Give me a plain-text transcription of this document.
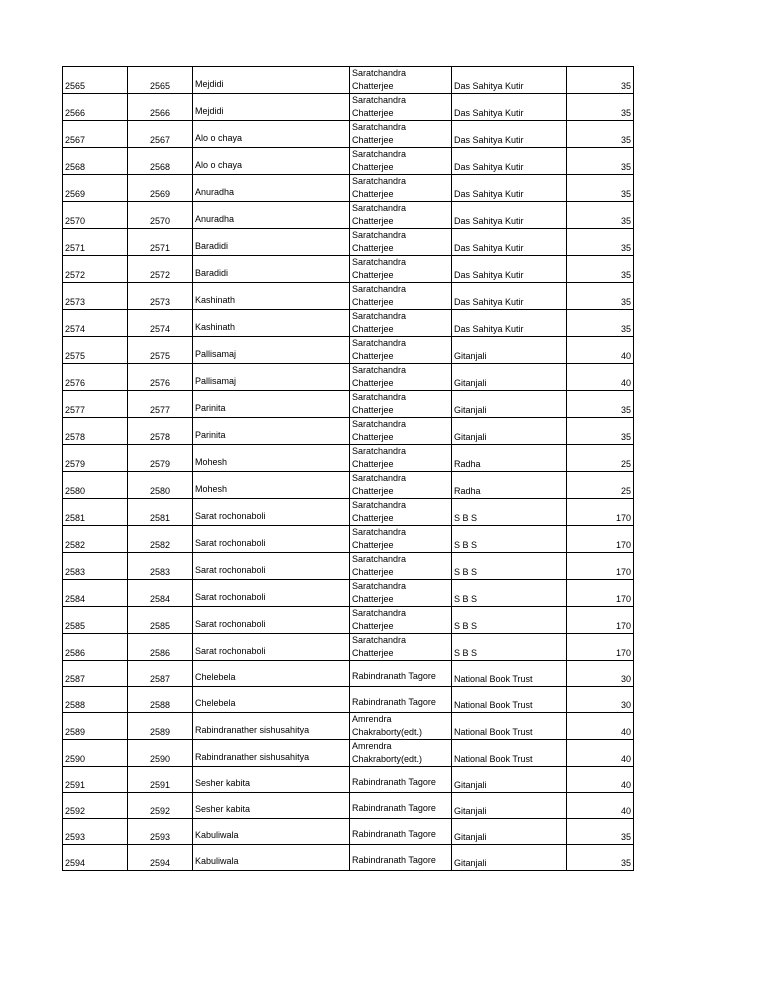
2565	2565	Mejdidi	Saratchandra Chatterjee	Das Sahitya Kutir	35
2566	2566	Mejdidi	Saratchandra Chatterjee	Das Sahitya Kutir	35
2567	2567	Alo o chaya	Saratchandra Chatterjee	Das Sahitya Kutir	35
2568	2568	Alo o chaya	Saratchandra Chatterjee	Das Sahitya Kutir	35
2569	2569	Anuradha	Saratchandra Chatterjee	Das Sahitya Kutir	35
2570	2570	Anuradha	Saratchandra Chatterjee	Das Sahitya Kutir	35
2571	2571	Baradidi	Saratchandra Chatterjee	Das Sahitya Kutir	35
2572	2572	Baradidi	Saratchandra Chatterjee	Das Sahitya Kutir	35
2573	2573	Kashinath	Saratchandra Chatterjee	Das Sahitya Kutir	35
2574	2574	Kashinath	Saratchandra Chatterjee	Das Sahitya Kutir	35
2575	2575	Pallisamaj	Saratchandra Chatterjee	Gitanjali	40
2576	2576	Pallisamaj	Saratchandra Chatterjee	Gitanjali	40
2577	2577	Parinita	Saratchandra Chatterjee	Gitanjali	35
2578	2578	Parinita	Saratchandra Chatterjee	Gitanjali	35
2579	2579	Mohesh	Saratchandra Chatterjee	Radha	25
2580	2580	Mohesh	Saratchandra Chatterjee	Radha	25
2581	2581	Sarat rochonaboli	Saratchandra Chatterjee	S B S	170
2582	2582	Sarat rochonaboli	Saratchandra Chatterjee	S B S	170
2583	2583	Sarat rochonaboli	Saratchandra Chatterjee	S B S	170
2584	2584	Sarat rochonaboli	Saratchandra Chatterjee	S B S	170
2585	2585	Sarat rochonaboli	Saratchandra Chatterjee	S B S	170
2586	2586	Sarat rochonaboli	Saratchandra Chatterjee	S B S	170
2587	2587	Chelebela	Rabindranath Tagore	National Book Trust	30
2588	2588	Chelebela	Rabindranath Tagore	National Book Trust	30
2589	2589	Rabindranather sishusahitya	Amrendra Chakraborty(edt.)	National Book Trust	40
2590	2590	Rabindranather sishusahitya	Amrendra Chakraborty(edt.)	National Book Trust	40
2591	2591	Sesher kabita	Rabindranath Tagore	Gitanjali	40
2592	2592	Sesher kabita	Rabindranath Tagore	Gitanjali	40
2593	2593	Kabuliwala	Rabindranath Tagore	Gitanjali	35
2594	2594	Kabuliwala	Rabindranath Tagore	Gitanjali	35
